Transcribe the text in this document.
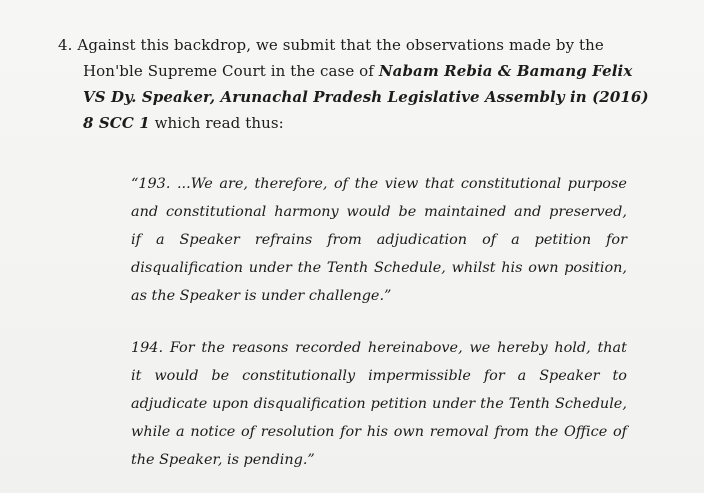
4. Against this backdrop, we submit that the observations made by the
Hon'ble Supreme Court in the case of Nabam Rebia & Bamang Felix
VS Dy. Speaker, Arunachal Pradesh Legislative Assembly in (2016)
8 SCC 1 which read thus:
“193. ...We are, therefore, of the view that constitutional purpose
and constitutional harmony would be maintained and preserved,
if a Speaker refrains from adjudication of a petition for
disqualification under the Tenth Schedule, whilst his own position,
as the Speaker is under challenge.”
194. For the reasons recorded hereinabove, we hereby hold, that
it would be constitutionally impermissible for a Speaker to
adjudicate upon disqualification petition under the Tenth Schedule,
while a notice of resolution for his own removal from the Office of
the Speaker, is pending.”
